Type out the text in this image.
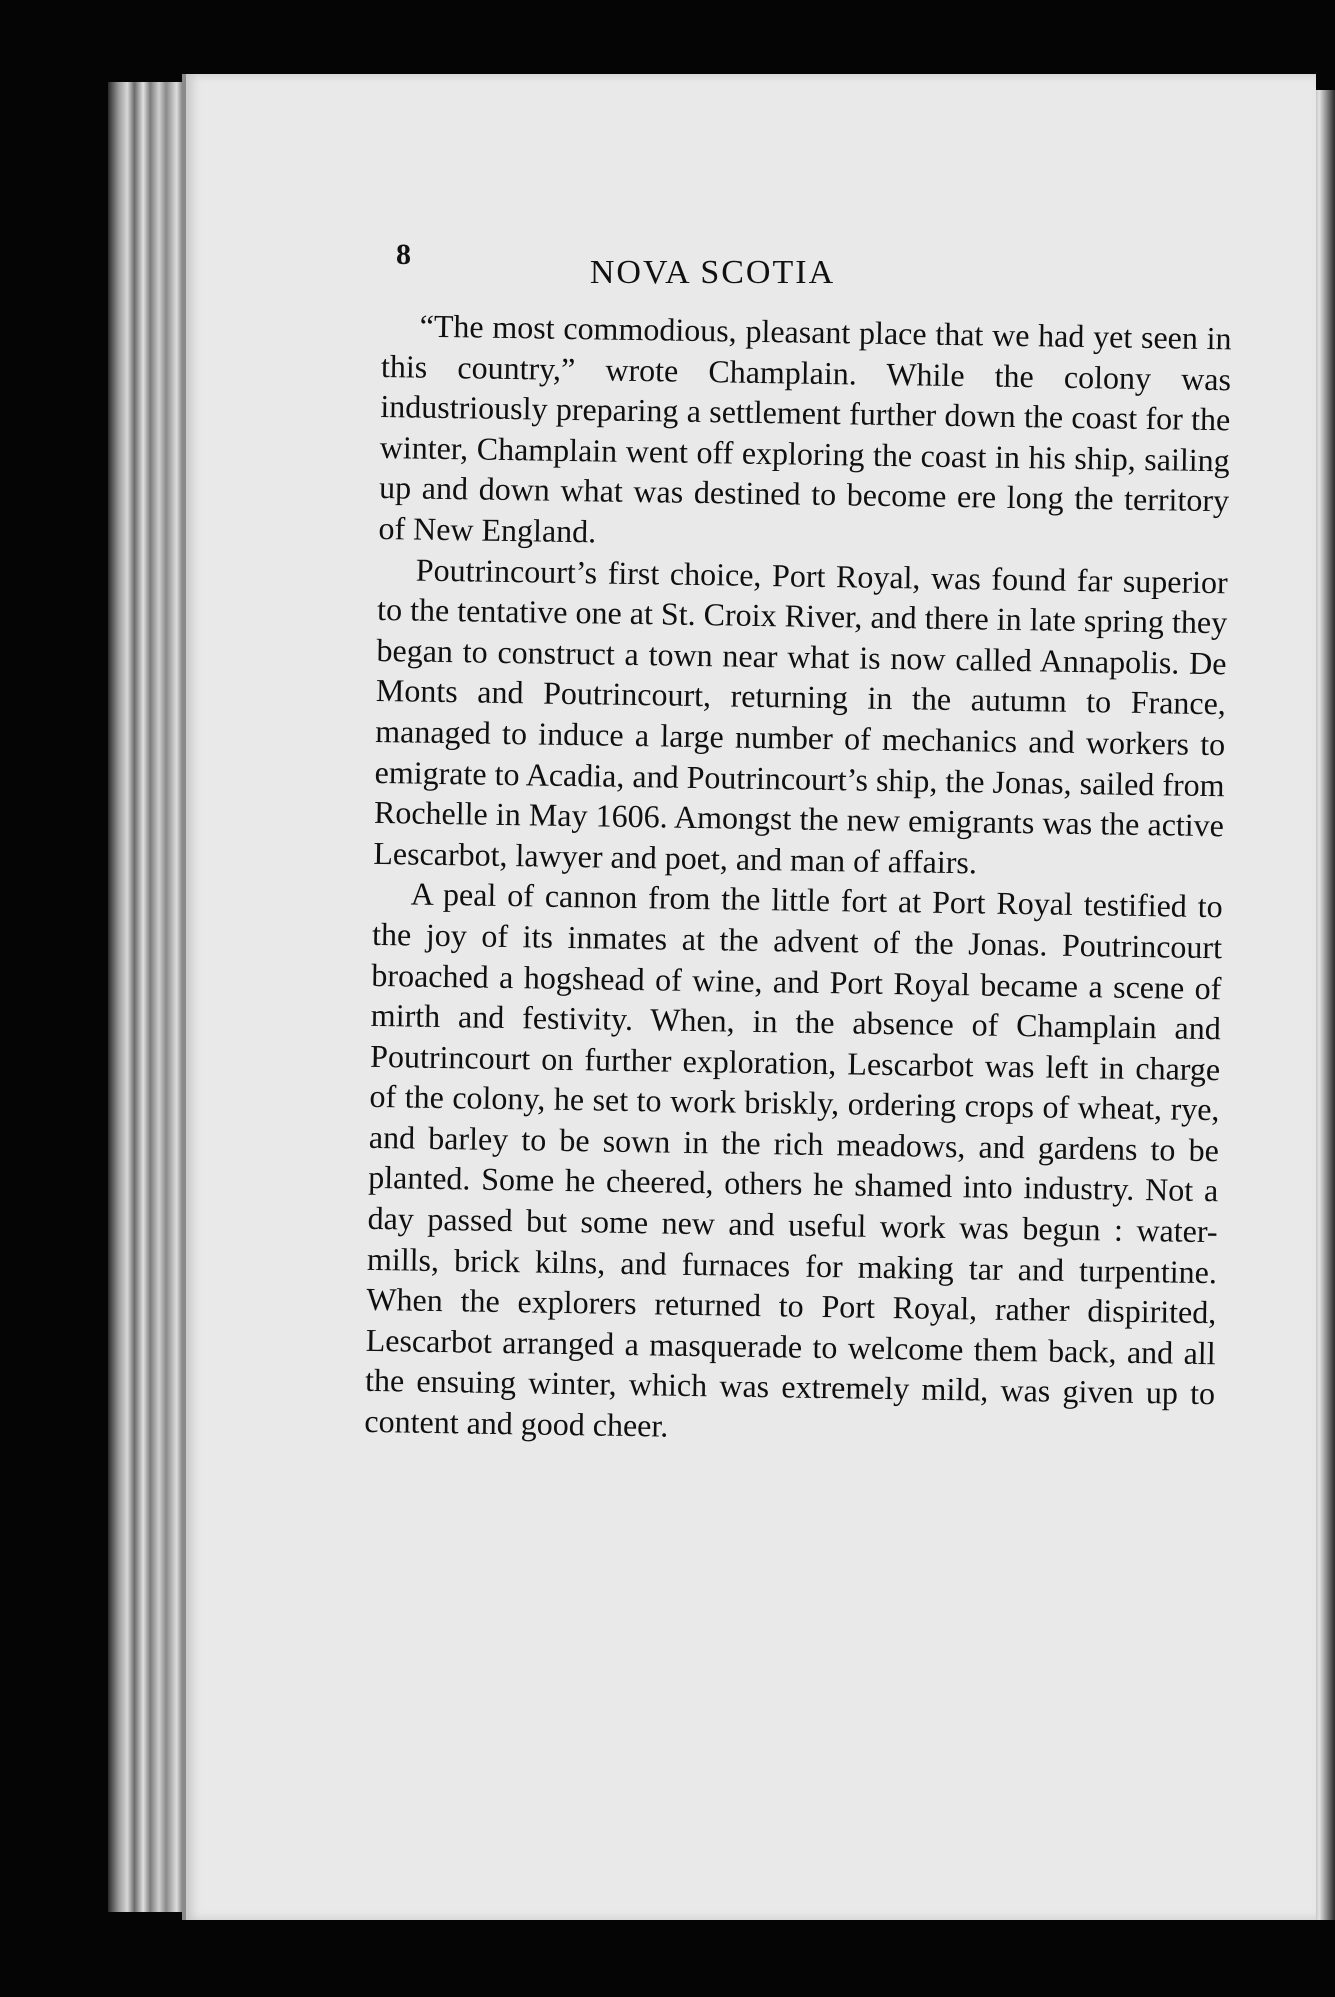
8	NOVA SCOTIA

“The most commodious, pleasant place that we had yet seen in this country,” wrote Champlain. While the colony was industriously preparing a settlement further down the coast for the winter, Champlain went off exploring the coast in his ship, sailing up and down what was destined to become ere long the territory of New England.

Poutrincourt’s first choice, Port Royal, was found far superior to the tentative one at St. Croix River, and there in late spring they began to construct a town near what is now called Annapolis. De Monts and Poutrincourt, returning in the autumn to France, managed to induce a large number of mechanics and workers to emigrate to Acadia, and Poutrincourt’s ship, the Jonas, sailed from Rochelle in May 1606. Amongst the new emigrants was the active Lescarbot, lawyer and poet, and man of affairs.

A peal of cannon from the little fort at Port Royal testified to the joy of its inmates at the advent of the Jonas. Poutrincourt broached a hogshead of wine, and Port Royal became a scene of mirth and festivity. When, in the absence of Champlain and Poutrincourt on further exploration, Lescarbot was left in charge of the colony, he set to work briskly, ordering crops of wheat, rye, and barley to be sown in the rich meadows, and gardens to be planted. Some he cheered, others he shamed into industry. Not a day passed but some new and useful work was begun : water-mills, brick kilns, and furnaces for making tar and turpentine. When the explorers returned to Port Royal, rather dispirited, Lescarbot arranged a masquerade to welcome them back, and all the ensuing winter, which was extremely mild, was given up to content and good cheer.
